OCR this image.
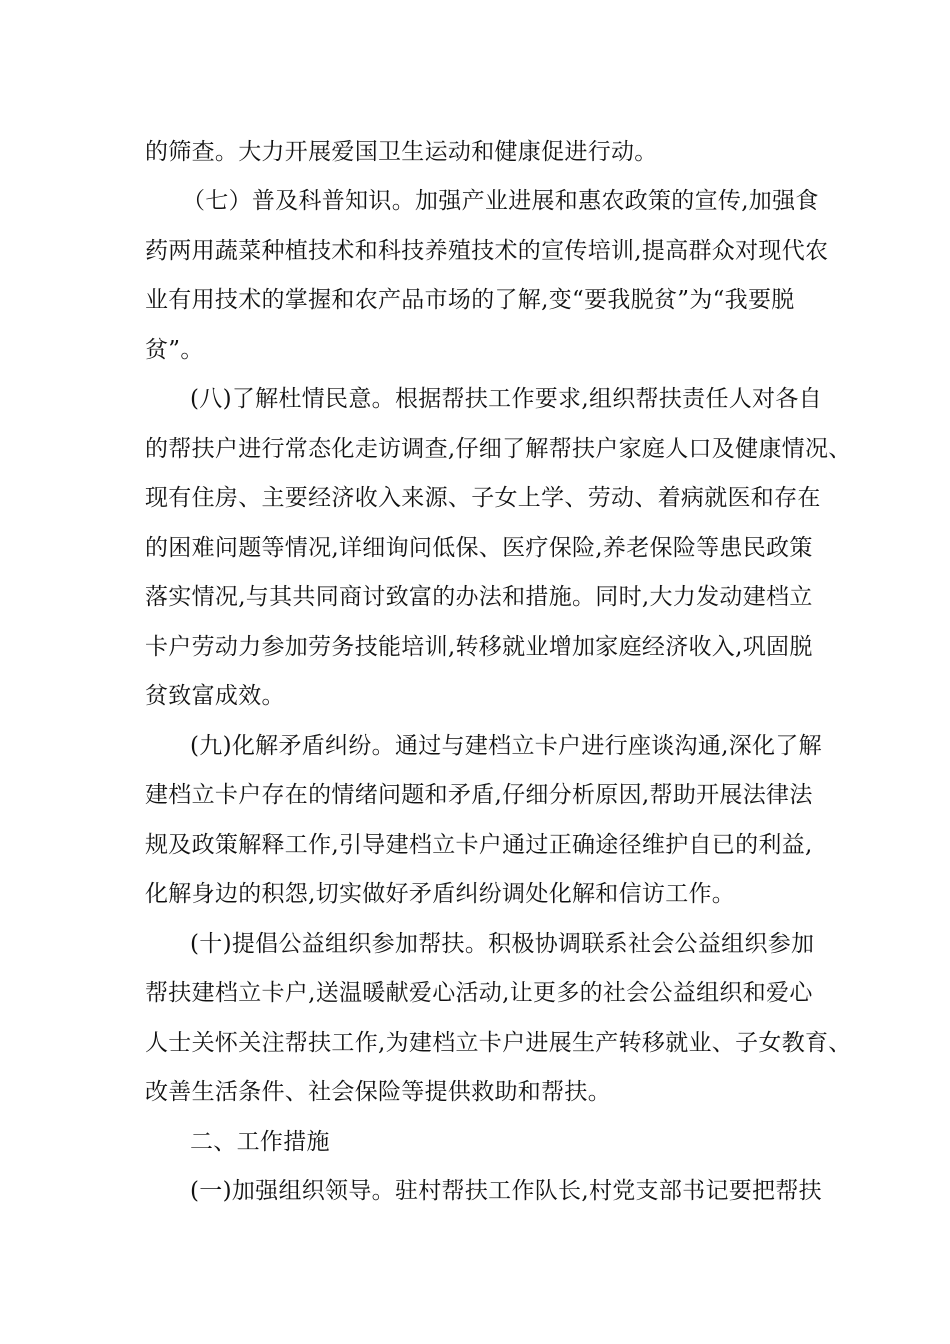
的筛查。大力开展爱国卫生运动和健康促进行动。
（七）普及科普知识。加强产业进展和惠农政策的宣传,加强食
药两用蔬菜种植技术和科技养殖技术的宣传培训,提高群众对现代农
业有用技术的掌握和农产品市场的了解,变“要我脱贫”为“我要脱
贫”。
(八)了解杜情民意。根据帮扶工作要求,组织帮扶责任人对各自
的帮扶户进行常态化走访调查,仔细了解帮扶户家庭人口及健康情况、
现有住房、主要经济收入来源、子女上学、劳动、着病就医和存在
的困难问题等情况,详细询问低保、医疗保险,养老保险等患民政策
落实情况,与其共同商讨致富的办法和措施。同时,大力发动建档立
卡户劳动力参加劳务技能培训,转移就业增加家庭经济收入,巩固脱
贫致富成效。
(九)化解矛盾纠纷。通过与建档立卡户进行座谈沟通,深化了解
建档立卡户存在的情绪问题和矛盾,仔细分析原因,帮助开展法律法
规及政策解释工作,引导建档立卡户通过正确途径维护自已的利益,
化解身边的积怨,切实做好矛盾纠纷调处化解和信访工作。
(十)提倡公益组织参加帮扶。积极协调联系社会公益组织参加
帮扶建档立卡户,送温暖献爱心活动,让更多的社会公益组织和爱心
人士关怀关注帮扶工作,为建档立卡户进展生产转移就业、子女教育、
改善生活条件、社会保险等提供救助和帮扶。
二、工作措施
(一)加强组织领导。驻村帮扶工作队长,村党支部书记要把帮扶
